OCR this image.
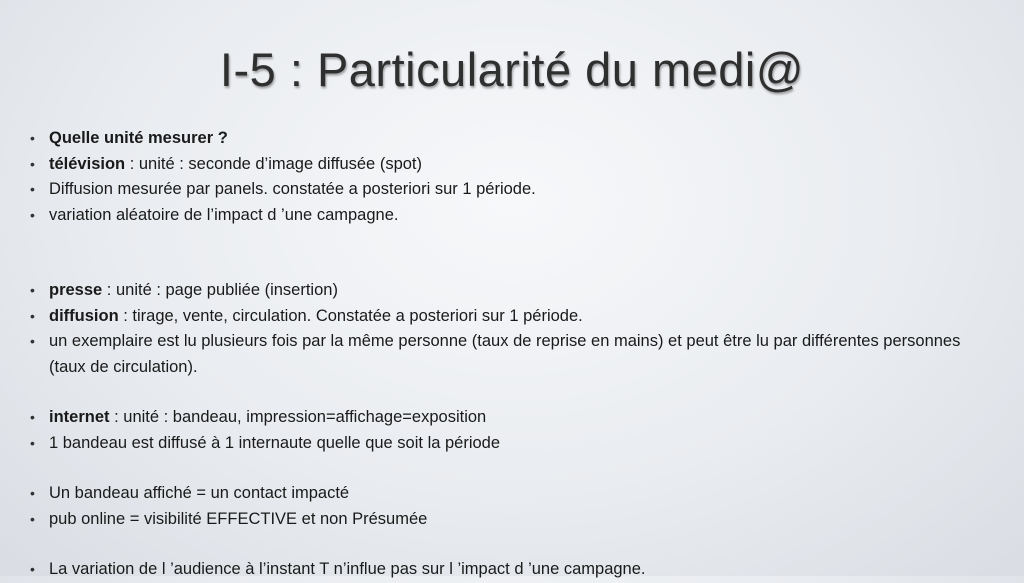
I-5 : Particularité du medi@
• Quelle unité mesurer ?
• télévision : unité : seconde d’image diffusée (spot)
• Diffusion mesurée par panels. constatée a posteriori sur 1 période.
• variation aléatoire de l’impact d ’une campagne.
• presse : unité : page publiée (insertion)
• diffusion : tirage, vente, circulation. Constatée a posteriori sur 1 période.
• un exemplaire est lu plusieurs fois par la même personne (taux de reprise en mains) et peut être lu par différentes personnes (taux de circulation).
• internet : unité : bandeau, impression=affichage=exposition
• 1 bandeau est diffusé à 1 internaute quelle que soit la période
• Un bandeau affiché = un contact impacté
• pub online = visibilité EFFECTIVE et non Présumée
• La variation de l ’audience à l’instant T n’influe pas sur l ’impact d ’une campagne.
